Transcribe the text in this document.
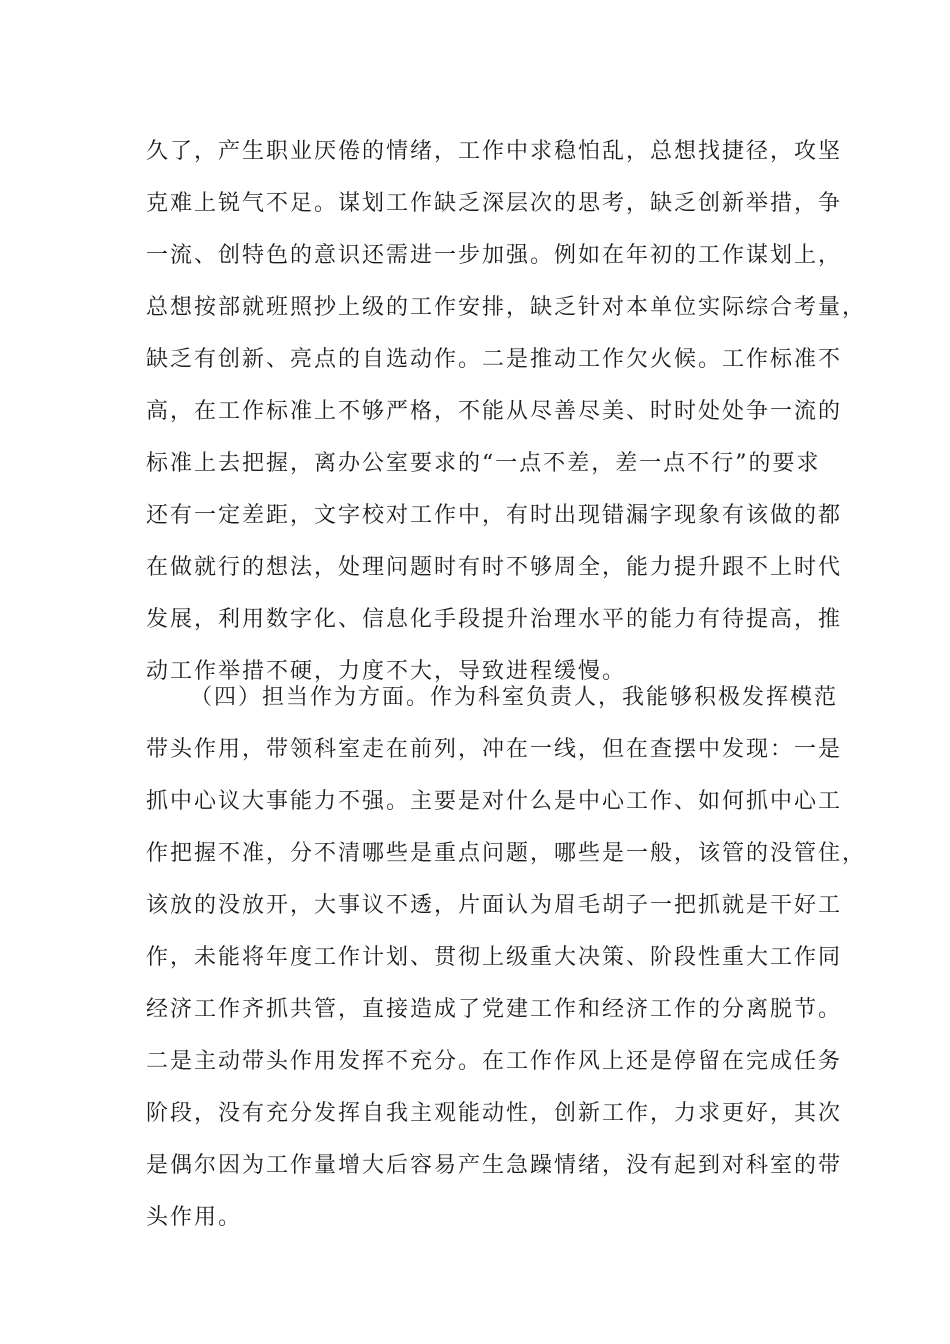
久了，产生职业厌倦的情绪，工作中求稳怕乱，总想找捷径，攻坚
克难上锐气不足。谋划工作缺乏深层次的思考，缺乏创新举措，争
一流、创特色的意识还需进一步加强。例如在年初的工作谋划上，
总想按部就班照抄上级的工作安排，缺乏针对本单位实际综合考量，
缺乏有创新、亮点的自选动作。二是推动工作欠火候。工作标准不
高，在工作标准上不够严格，不能从尽善尽美、时时处处争一流的
标准上去把握，离办公室要求的“一点不差，差一点不行”的要求
还有一定差距，文字校对工作中，有时出现错漏字现象有该做的都
在做就行的想法，处理问题时有时不够周全，能力提升跟不上时代
发展，利用数字化、信息化手段提升治理水平的能力有待提高，推
动工作举措不硬，力度不大，导致进程缓慢。
（四）担当作为方面。作为科室负责人，我能够积极发挥模范
带头作用，带领科室走在前列，冲在一线，但在查摆中发现：一是
抓中心议大事能力不强。主要是对什么是中心工作、如何抓中心工
作把握不准，分不清哪些是重点问题，哪些是一般，该管的没管住，
该放的没放开，大事议不透，片面认为眉毛胡子一把抓就是干好工
作，未能将年度工作计划、贯彻上级重大决策、阶段性重大工作同
经济工作齐抓共管，直接造成了党建工作和经济工作的分离脱节。
二是主动带头作用发挥不充分。在工作作风上还是停留在完成任务
阶段，没有充分发挥自我主观能动性，创新工作，力求更好，其次
是偶尔因为工作量增大后容易产生急躁情绪，没有起到对科室的带
头作用。
